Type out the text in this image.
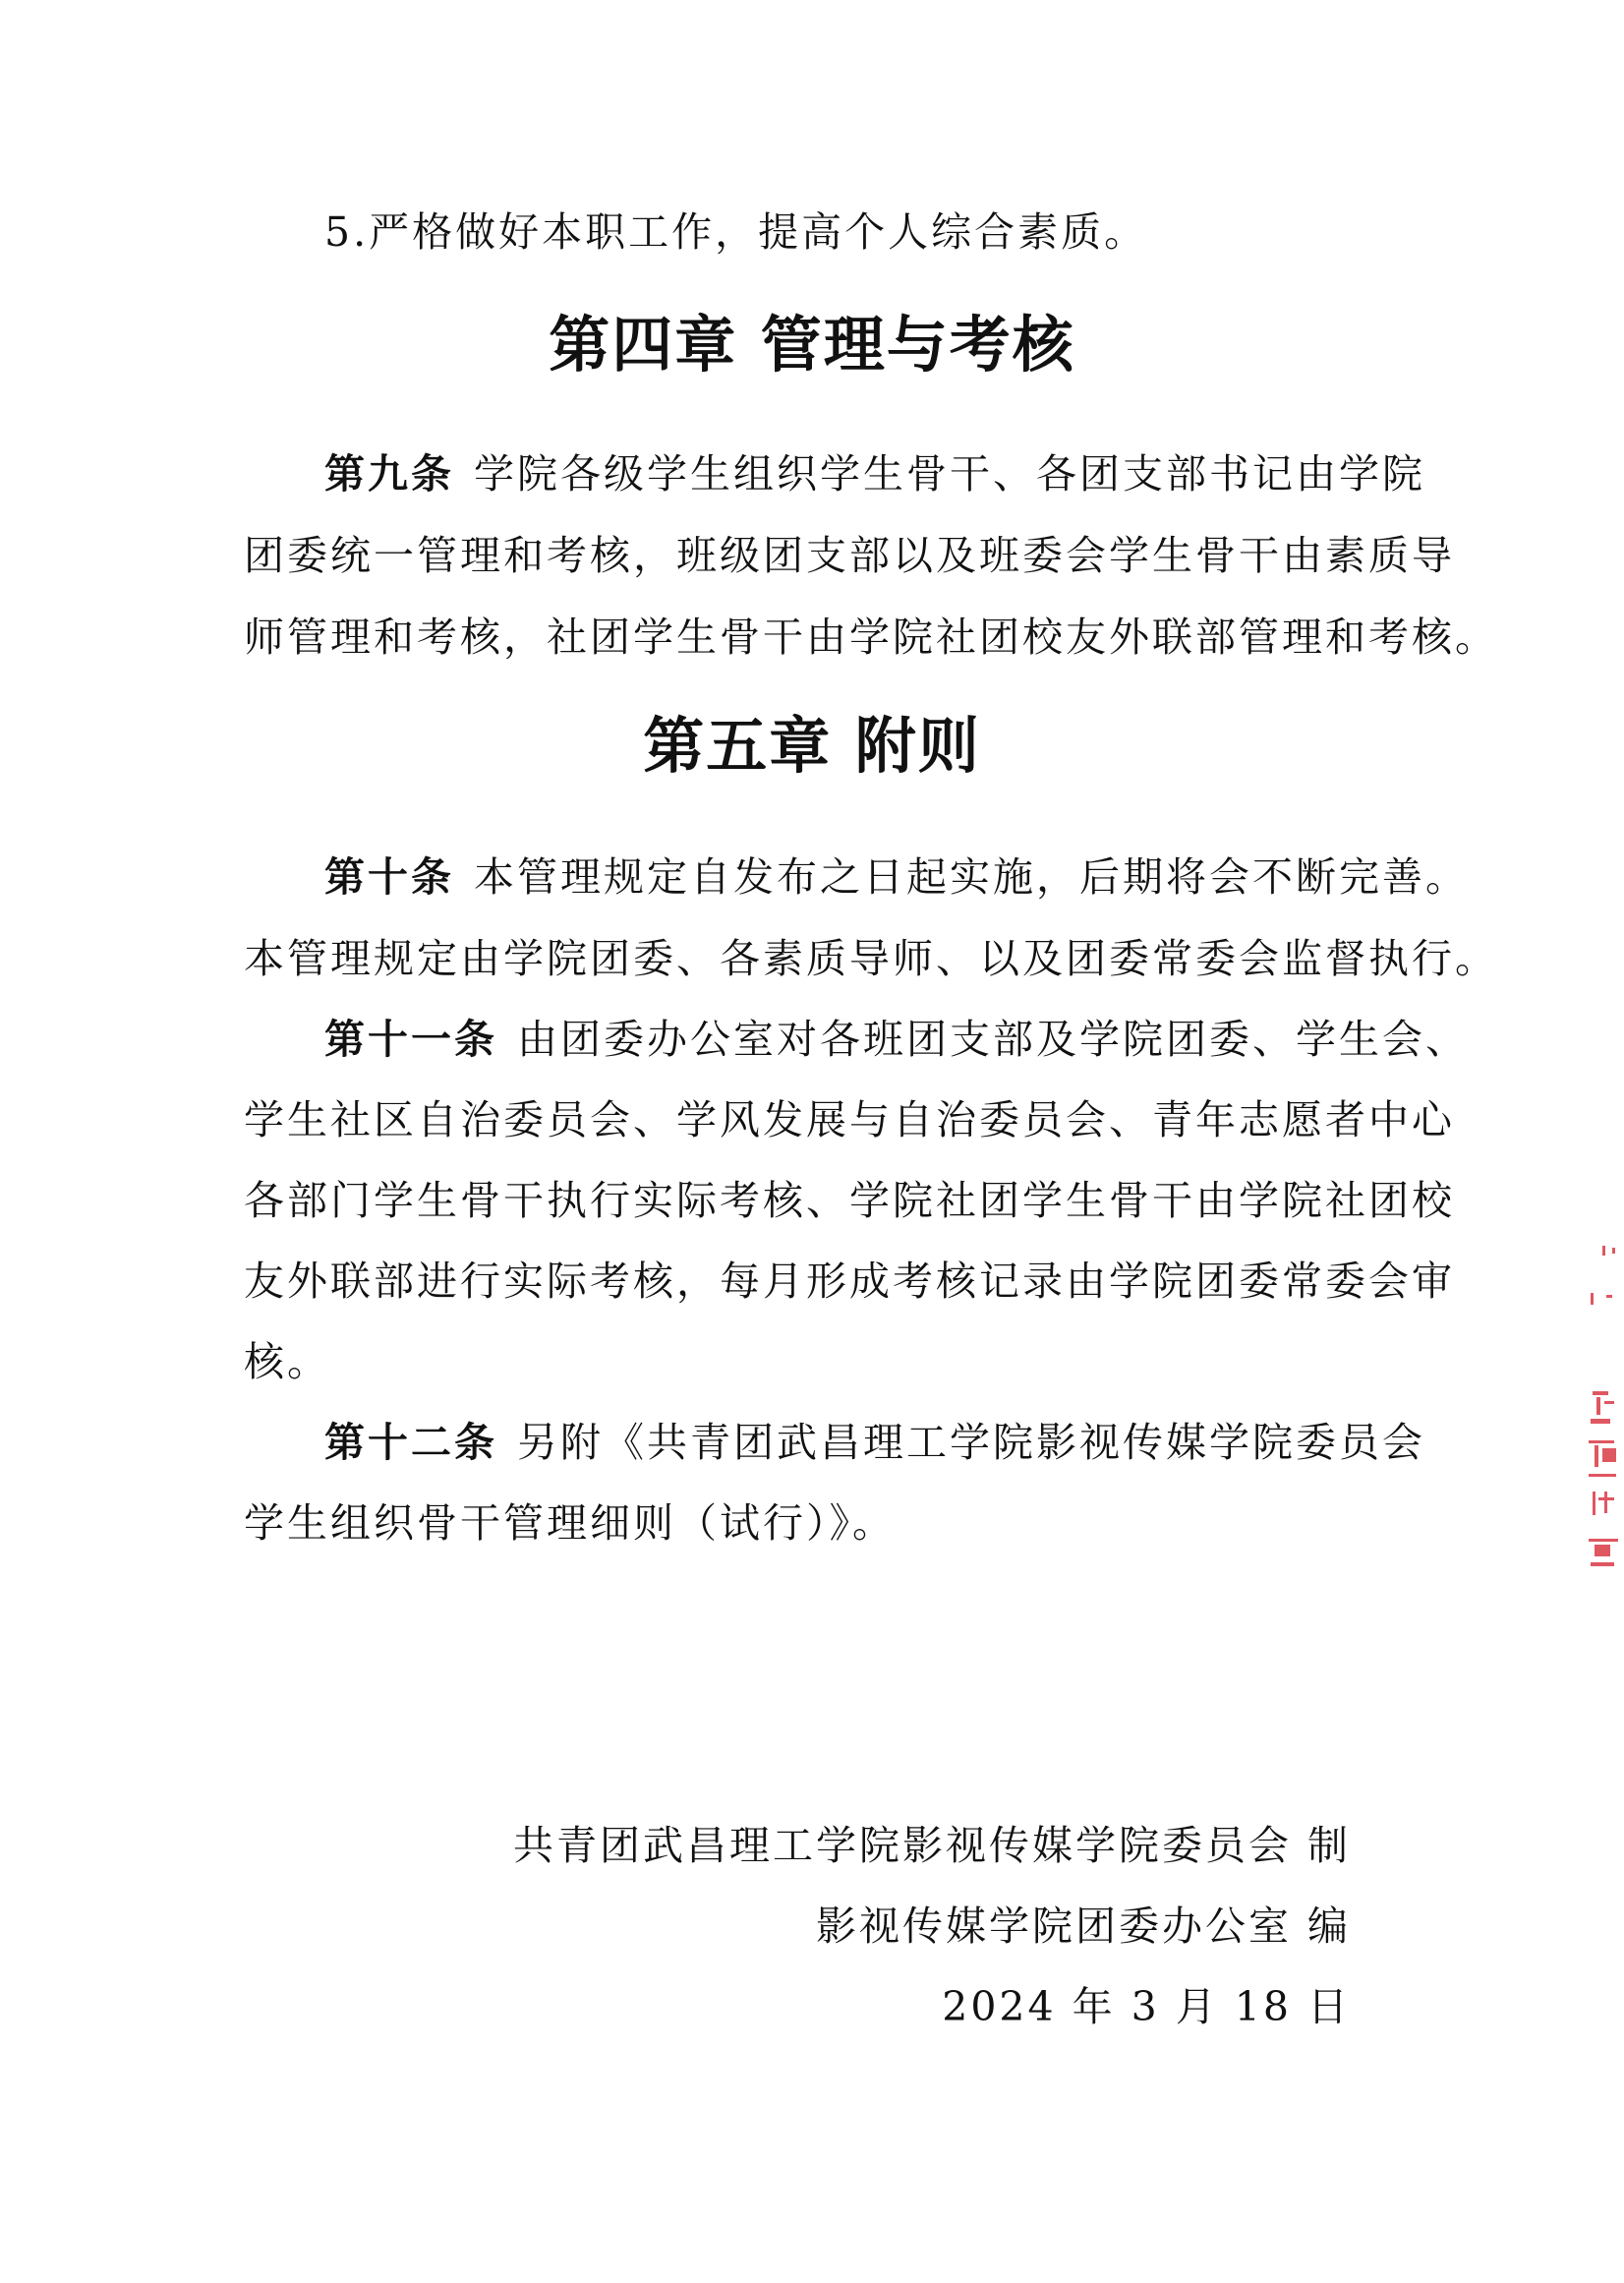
5.严格做好本职工作，提高个人综合素质。
第四章 管理与考核
第九条 学院各级学生组织学生骨干、各团支部书记由学院
团委统一管理和考核，班级团支部以及班委会学生骨干由素质导
师管理和考核，社团学生骨干由学院社团校友外联部管理和考核。
第五章 附则
第十条 本管理规定自发布之日起实施，后期将会不断完善。
本管理规定由学院团委、各素质导师、以及团委常委会监督执行。
第十一条 由团委办公室对各班团支部及学院团委、学生会、
学生社区自治委员会、学风发展与自治委员会、青年志愿者中心
各部门学生骨干执行实际考核、学院社团学生骨干由学院社团校
友外联部进行实际考核，每月形成考核记录由学院团委常委会审
核。
第十二条 另附《共青团武昌理工学院影视传媒学院委员会
学生组织骨干管理细则（试行）》。
共青团武昌理工学院影视传媒学院委员会 制
影视传媒学院团委办公室 编
2024 年 3 月 18 日
